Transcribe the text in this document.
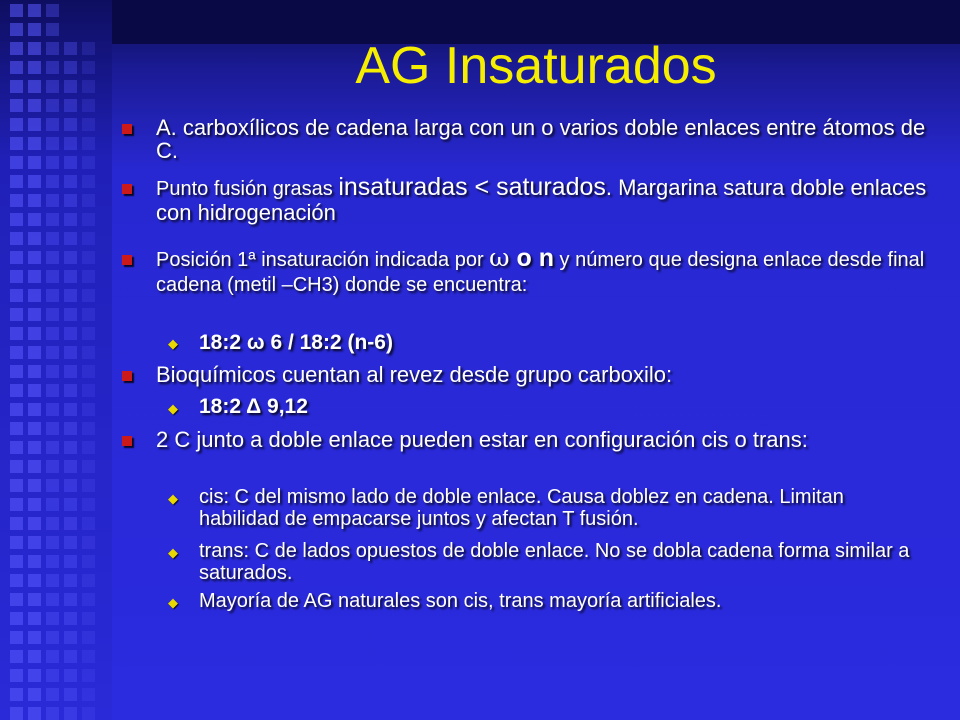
AG Insaturados
A. carboxílicos de cadena larga con un o varios doble enlaces entre átomos de C.
Punto fusión grasas insaturadas < saturados. Margarina satura doble enlaces con hidrogenación
Posición 1ª insaturación indicada por ω o n y número que designa enlace desde final cadena (metil –CH3) donde se encuentra:
◆ 18:2 ω 6 / 18:2 (n-6)
Bioquímicos cuentan al revez desde grupo carboxilo:
◆ 18:2 Δ 9,12
2 C junto a doble enlace pueden estar en configuración cis o trans:
◆ cis: C del mismo lado de doble enlace. Causa doblez en cadena. Limitan habilidad de empacarse juntos y afectan T fusión.
◆ trans: C de lados opuestos de doble enlace. No se dobla cadena forma similar a saturados.
◆ Mayoría de AG naturales son cis, trans mayoría artificiales.
